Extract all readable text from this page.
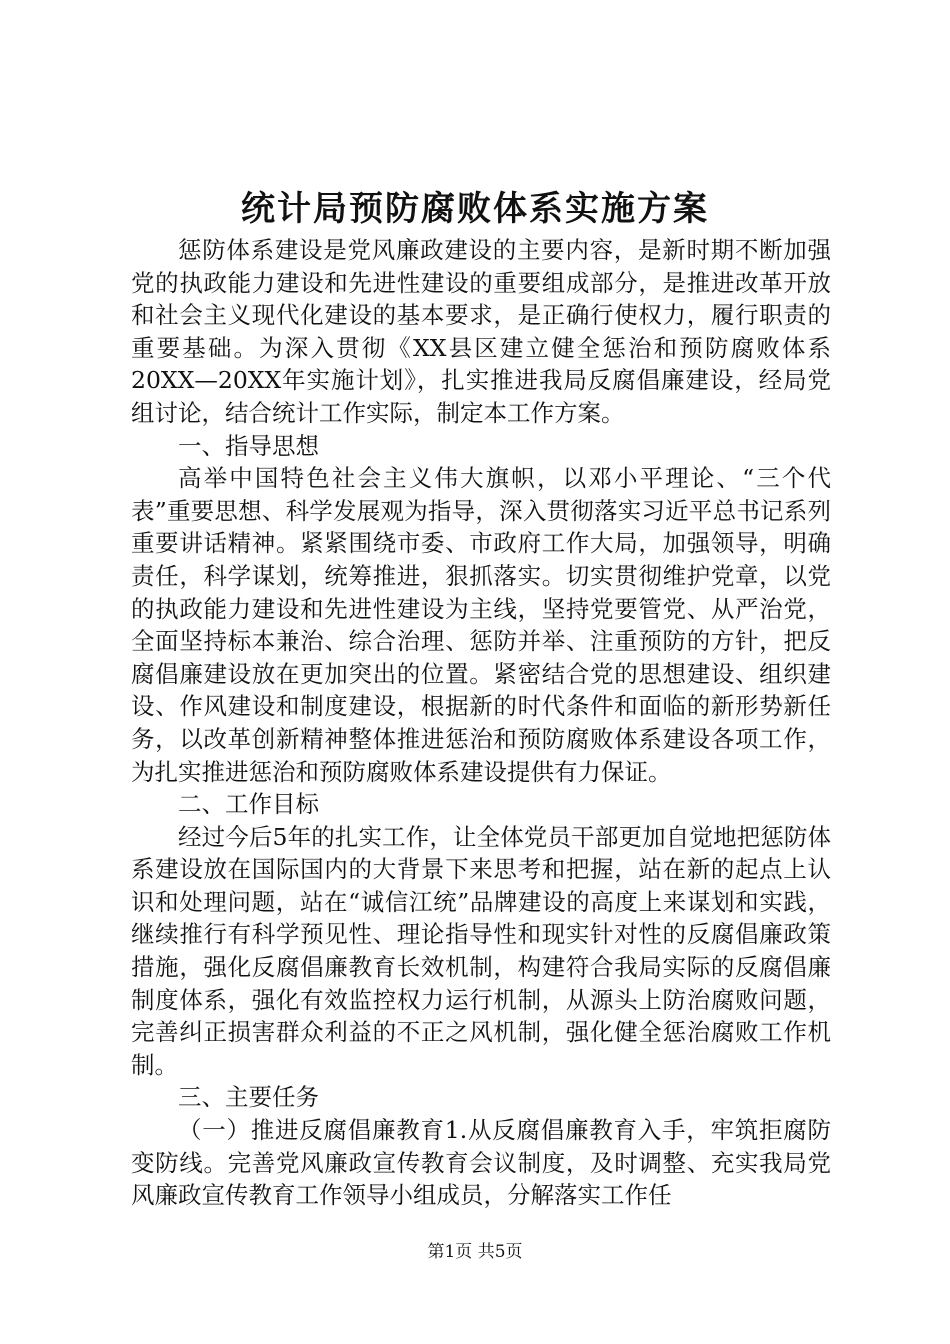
统计局预防腐败体系实施方案

惩防体系建设是党风廉政建设的主要内容，是新时期不断加强党的执政能力建设和先进性建设的重要组成部分，是推进改革开放和社会主义现代化建设的基本要求，是正确行使权力，履行职责的重要基础。为深入贯彻《XX县区建立健全惩治和预防腐败体系20XX—20XX年实施计划》，扎实推进我局反腐倡廉建设，经局党组讨论，结合统计工作实际，制定本工作方案。

一、指导思想

高举中国特色社会主义伟大旗帜，以邓小平理论、“三个代表”重要思想、科学发展观为指导，深入贯彻落实习近平总书记系列重要讲话精神。紧紧围绕市委、市政府工作大局，加强领导，明确责任，科学谋划，统筹推进，狠抓落实。切实贯彻维护党章，以党的执政能力建设和先进性建设为主线，坚持党要管党、从严治党，全面坚持标本兼治、综合治理、惩防并举、注重预防的方针，把反腐倡廉建设放在更加突出的位置。紧密结合党的思想建设、组织建设、作风建设和制度建设，根据新的时代条件和面临的新形势新任务，以改革创新精神整体推进惩治和预防腐败体系建设各项工作，为扎实推进惩治和预防腐败体系建设提供有力保证。

二、工作目标

经过今后5年的扎实工作，让全体党员干部更加自觉地把惩防体系建设放在国际国内的大背景下来思考和把握，站在新的起点上认识和处理问题，站在“诚信江统”品牌建设的高度上来谋划和实践，继续推行有科学预见性、理论指导性和现实针对性的反腐倡廉政策措施，强化反腐倡廉教育长效机制，构建符合我局实际的反腐倡廉制度体系，强化有效监控权力运行机制，从源头上防治腐败问题，完善纠正损害群众利益的不正之风机制，强化健全惩治腐败工作机制。

三、主要任务

（一）推进反腐倡廉教育1.从反腐倡廉教育入手，牢筑拒腐防变防线。完善党风廉政宣传教育会议制度，及时调整、充实我局党风廉政宣传教育工作领导小组成员，分解落实工作任

第1页 共5页
